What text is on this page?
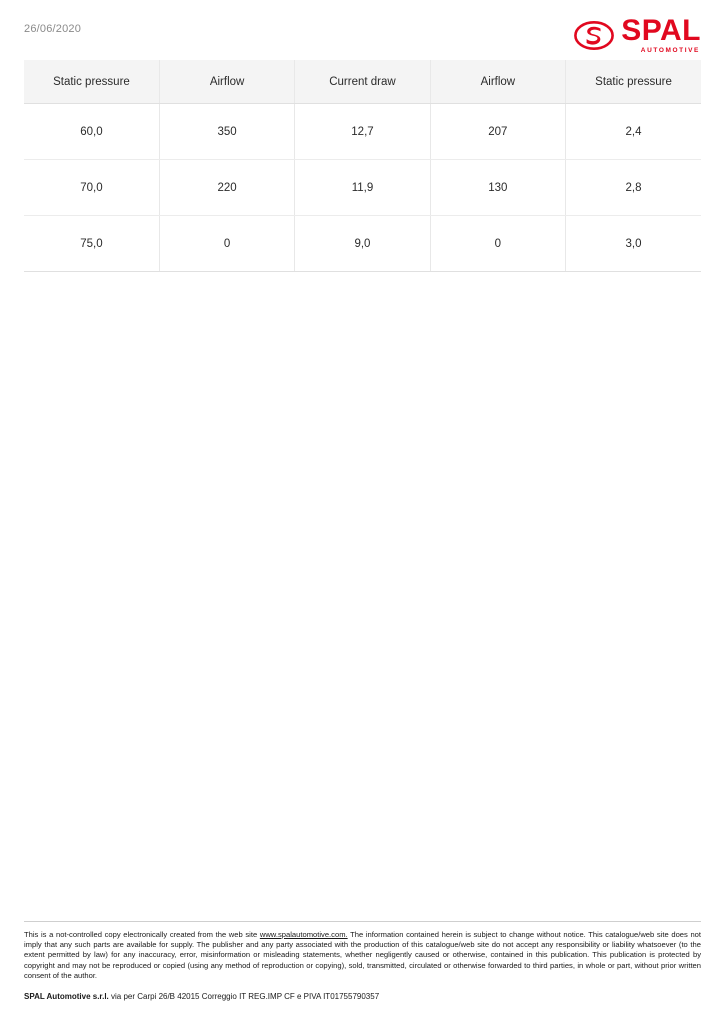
26/06/2020	SPAL
AUTOMOTIVE
Static pressure	Airflow	Current draw	Airflow	Static pressure
60,0	350	12,7	207	2,4
70,0	220	11,9	130	2,8
75,0	0	9,0	0	3,0

This is a not-controlled copy electronically created from the web site www.spalautomotive.com. The information contained herein is subject to change without notice. This catalogue/web site does not imply that any such parts are available for supply. The publisher and any party associated with the production of this catalogue/web site do not accept any responsibility or liability whatsoever (to the extent permitted by law) for any inaccuracy, error, misinformation or misleading statements, whether negligently caused or otherwise, contained in this publication. This publication is protected by copyright and may not be reproduced or copied (using any method of reproduction or copying), sold, transmitted, circulated or otherwise forwarded to third parties, in whole or part, without prior written consent of the author.

SPAL Automotive s.r.l. via per Carpi 26/B 42015 Correggio IT REG.IMP CF e PIVA IT01755790357
